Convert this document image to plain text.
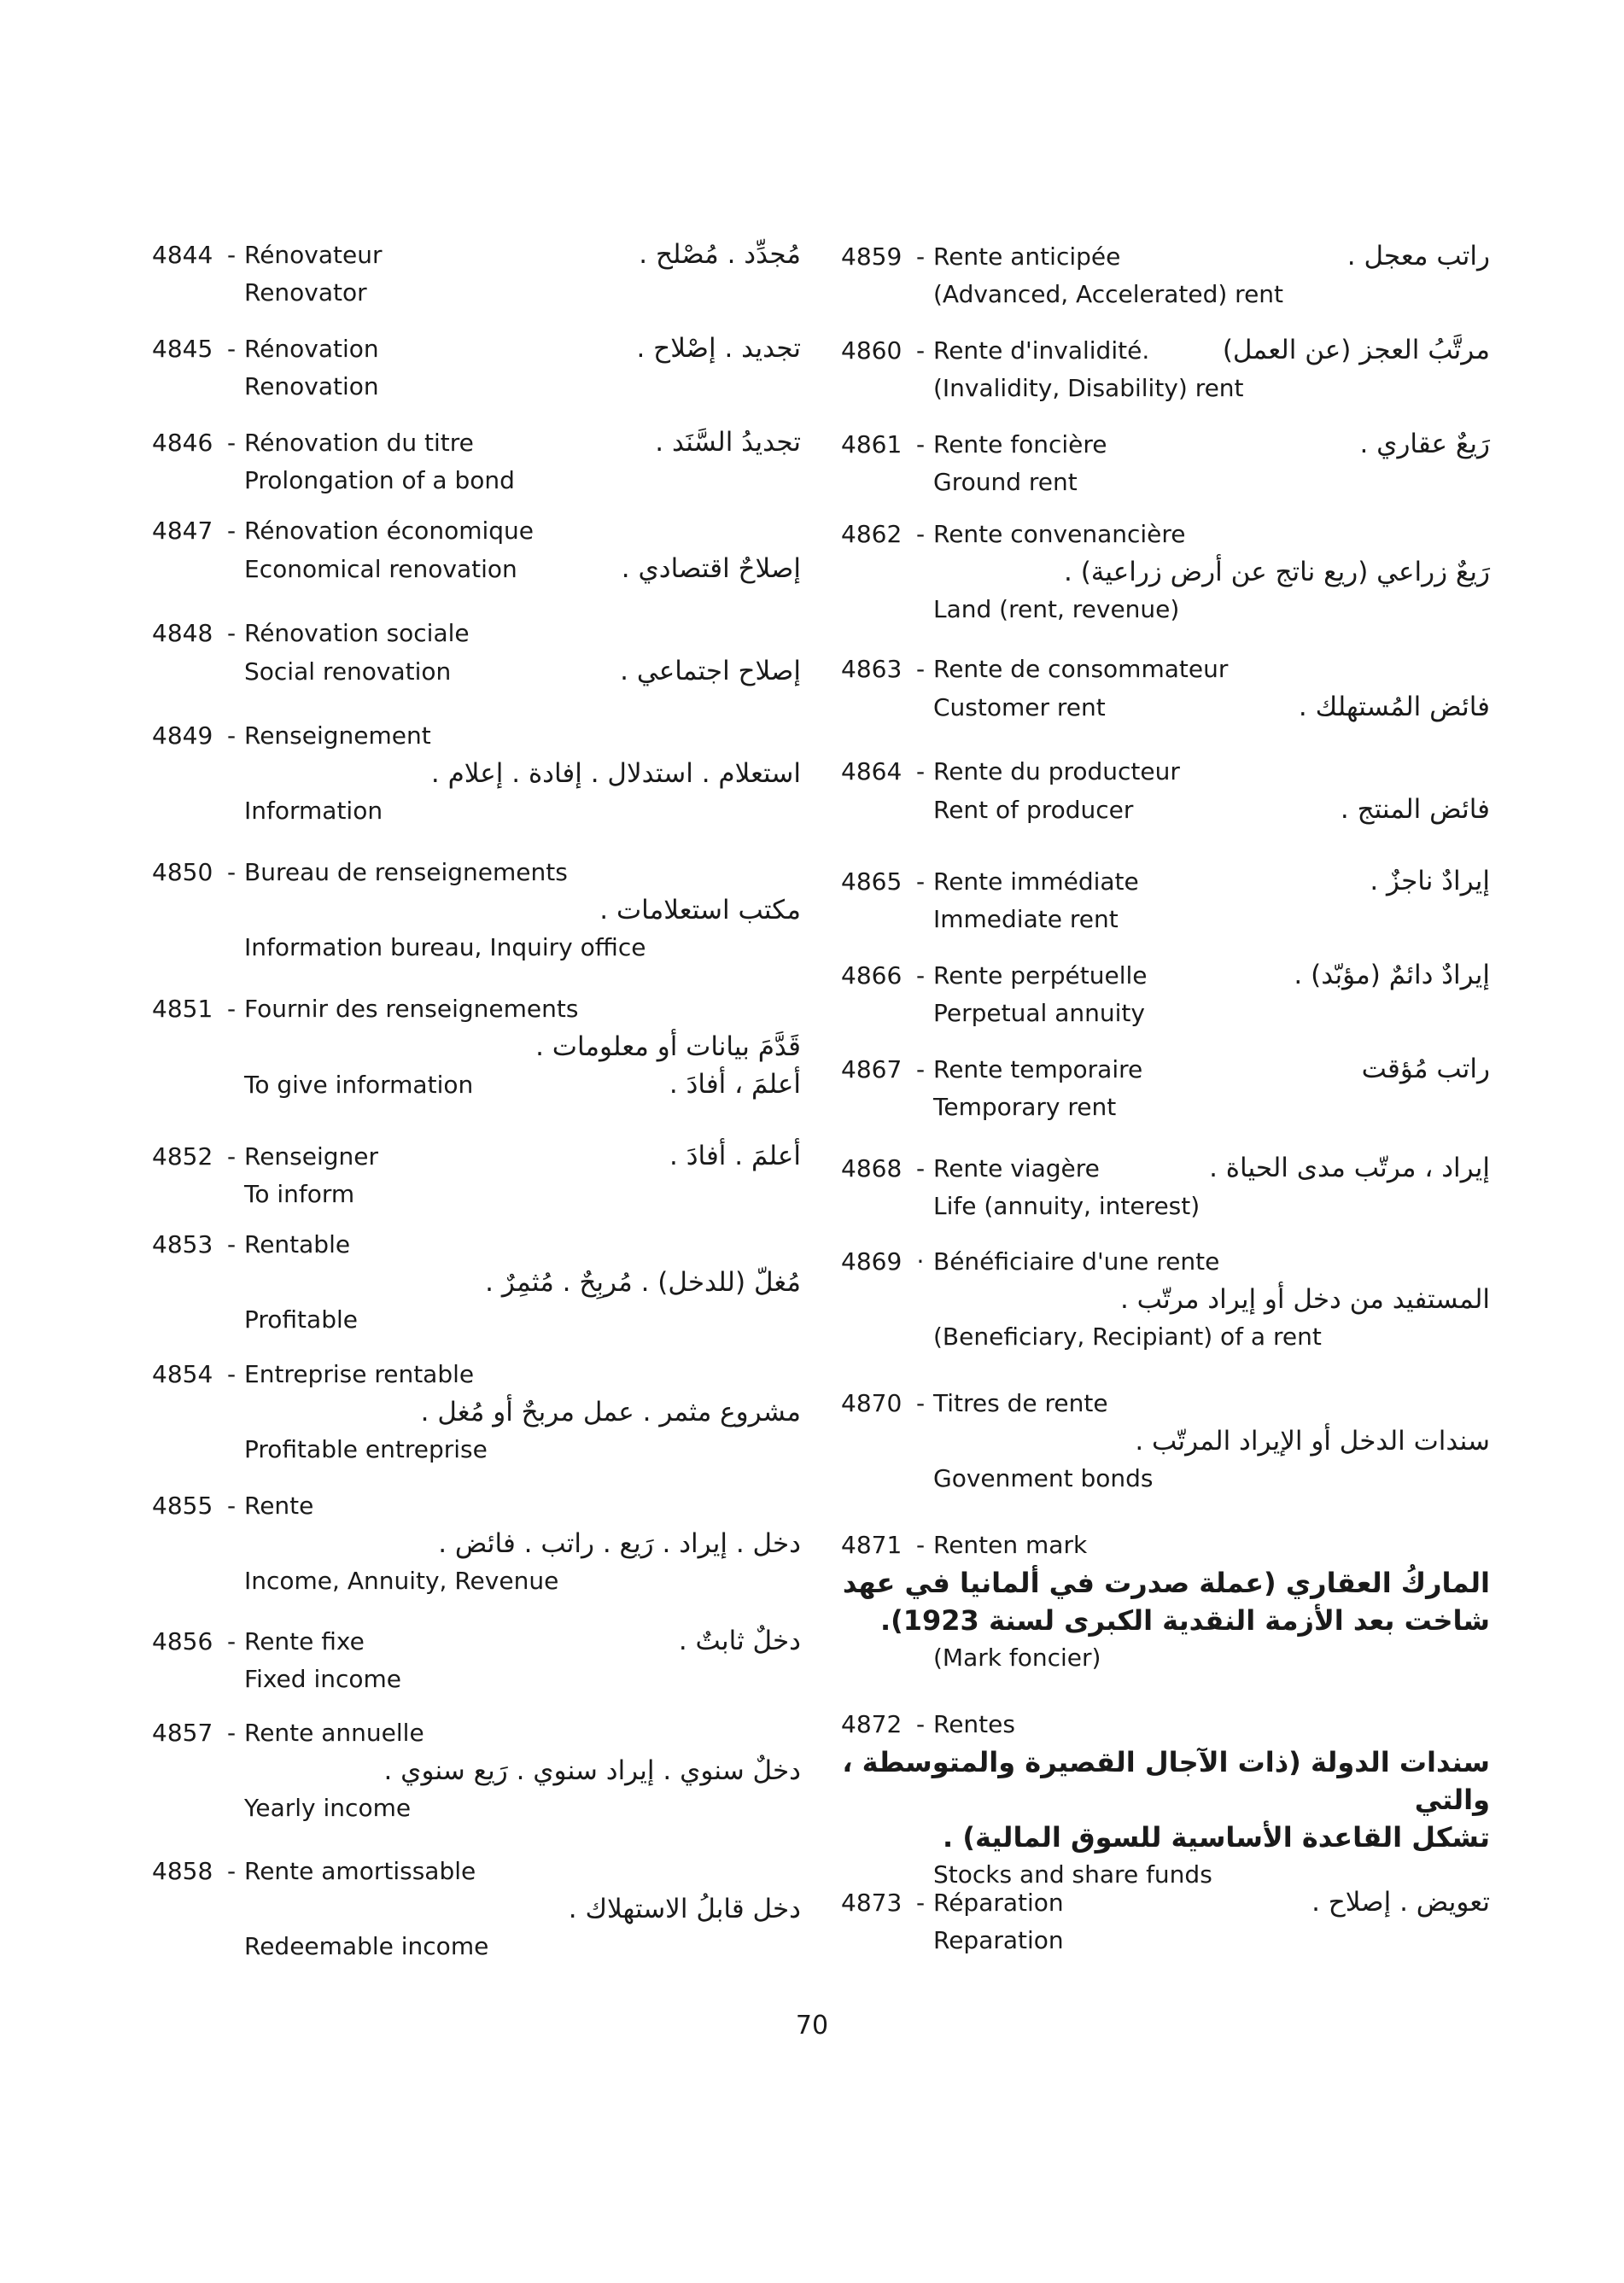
4844 - Rénovateur	مُجدِّد . مُصْلح .
Renovator
4845 - Rénovation	تجديد . إصْلاح .
Renovation
4846 - Rénovation du titre	تجديدُ السَّنَد .
Prolongation of a bond
4847 - Rénovation économique
Economical renovation	إصلاحٌ اقتصادي .
4848 - Rénovation sociale
Social renovation	إصلاح اجتماعي .
4849 - Renseignement
استعلام . استدلال . إفادة . إعلام .
Information
4850 - Bureau de renseignements
مكتب استعلامات .
Information bureau, Inquiry office
4851 - Fournir des renseignements
قَدَّمَ بيانات أو معلومات .
To give information	أعلمَ ، أفادَ .
4852 - Renseigner	أعلمَ . أفادَ .
To inform
4853 - Rentable
مُغلّ (للدخل) . مُربِحٌ . مُثمِرٌ .
Profitable
4854 - Entreprise rentable
مشروع مثمر . عمل مربحٌ أو مُغل .
Profitable entreprise
4855 - Rente
دخل . إيراد . رَيع . راتب . فائض .
Income, Annuity, Revenue
4856 - Rente fixe	دخلٌ ثابتٌ .
Fixed income
4857 - Rente annuelle
دخلٌ سنوي . إيراد سنوي . رَيع سنوي .
Yearly income
4858 - Rente amortissable
دخل قابلُ الاستهلاك .
Redeemable income
4859 - Rente anticipée	راتب معجل .
(Advanced, Accelerated) rent
4860 - Rente d'invalidité.	مرتَّبُ العجز (عن العمل)
(Invalidity, Disability) rent
4861 - Rente foncière	رَيعٌ عقاري .
Ground rent
4862 - Rente convenancière
رَيعٌ زراعي (ريع ناتج عن أرض زراعية) .
Land (rent, revenue)
4863 - Rente de consommateur
Customer rent	فائض المُستهلك .
4864 - Rente du producteur
Rent of producer	فائض المنتج .
4865 - Rente immédiate	إيرادٌ ناجزٌ .
Immediate rent
4866 - Rente perpétuelle	إيرادٌ دائمٌ (مؤبّد) .
Perpetual annuity
4867 - Rente temporaire	راتب مُؤقت
Temporary rent
4868 - Rente viagère	إيراد ، مرتّب مدى الحياة .
Life (annuity, interest)
4869 · Bénéficiaire d'une rente
المستفيد من دخل أو إيراد مرتّب .
(Beneficiary, Recipiant) of a rent
4870 - Titres de rente
سندات الدخل أو الإيراد المرتّب .
Govenment bonds
4871 - Renten mark
الماركُ العقاري (عملة صدرت في ألمانيا في عهد
شاخت بعد الأزمة النقدية الكبرى لسنة 1923).
(Mark foncier)
4872 - Rentes
سندات الدولة (ذات الآجال القصيرة والمتوسطة ، والتي
تشكل القاعدة الأساسية للسوق المالية) .
Stocks and share funds
4873 - Réparation	تعويض . إصلاح .
Reparation
70
